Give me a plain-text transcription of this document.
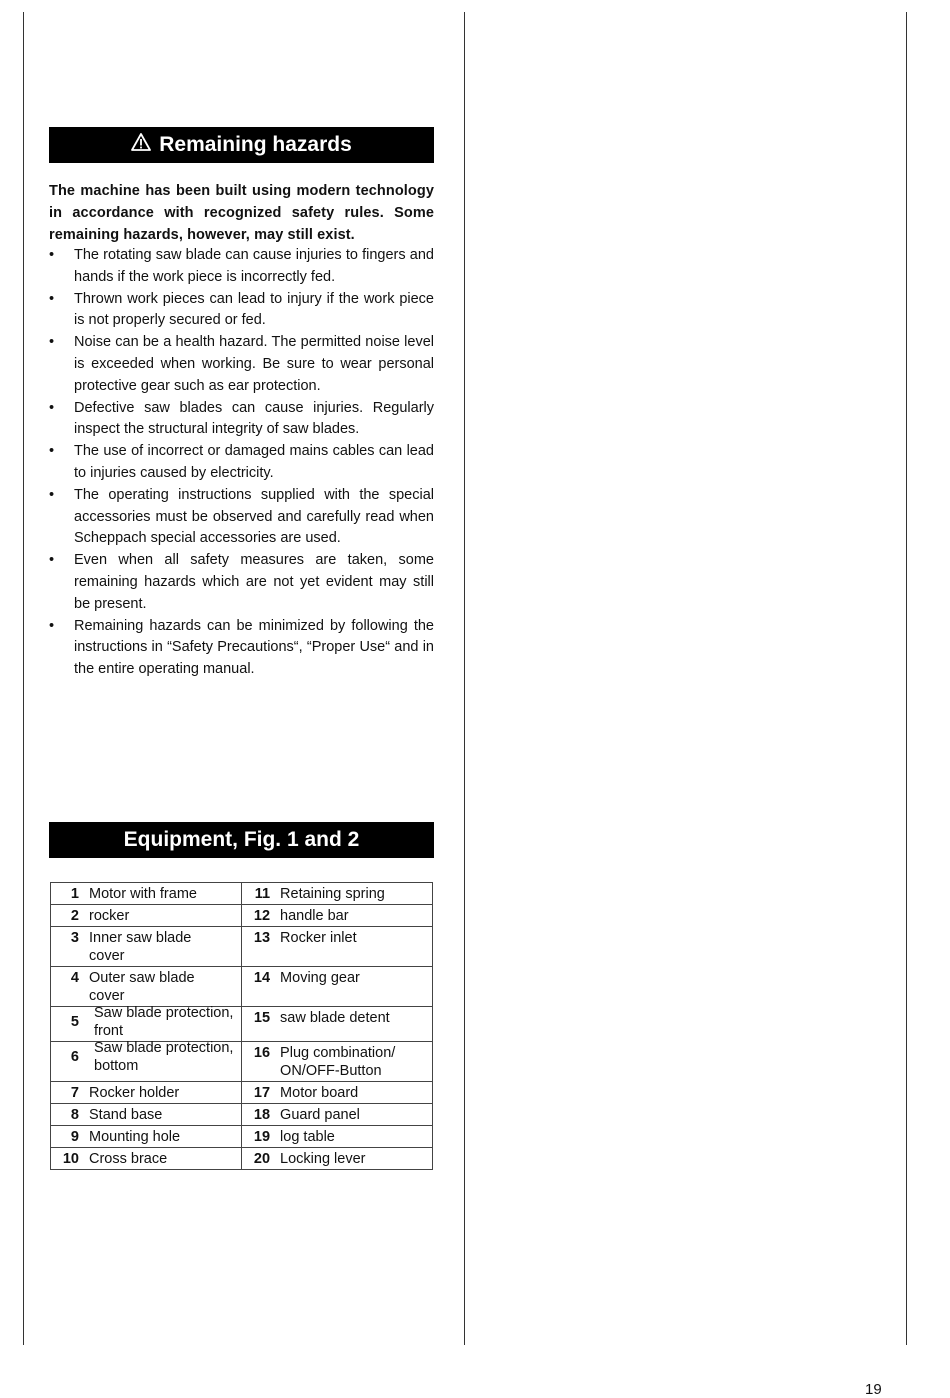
Remaining hazards
The machine has been built using modern technology in accordance with recognized safety rules. Some remaining hazards, however, may still exist.
• The rotating saw blade can cause injuries to fingers and hands if the work piece is incorrectly fed.
• Thrown work pieces can lead to injury if the work piece is not properly secured or fed.
• Noise can be a health hazard. The permitted noise level is exceeded when working. Be sure to wear personal protective gear such as ear protection.
• Defective saw blades can cause injuries. Regularly inspect the structural integrity of saw blades.
• The use of incorrect or damaged mains cables can lead to injuries caused by electricity.
• The operating instructions supplied with the special accessories must be observed and carefully read when Scheppach special accessories are used.
• Even when all safety measures are taken, some remaining hazards which are not yet evident may still be present.
• Remaining hazards can be minimized by following the instructions in “Safety Precautions“, “Proper Use“ and in the entire operating manual.
Equipment, Fig. 1 and 2
1 Motor with frame	11 Retaining spring
2 rocker	12 handle bar
3 Inner saw blade cover	13 Rocker inlet
4 Outer saw blade cover	14 Moving gear
5Saw blade protection, front	15 saw blade detent
6Saw blade protection, bottom	16 Plug combination/ ON/OFF-Button
7 Rocker holder	17 Motor board
8 Stand base	18 Guard panel
9 Mounting hole	19 log table
10 Cross brace	20 Locking lever
19
